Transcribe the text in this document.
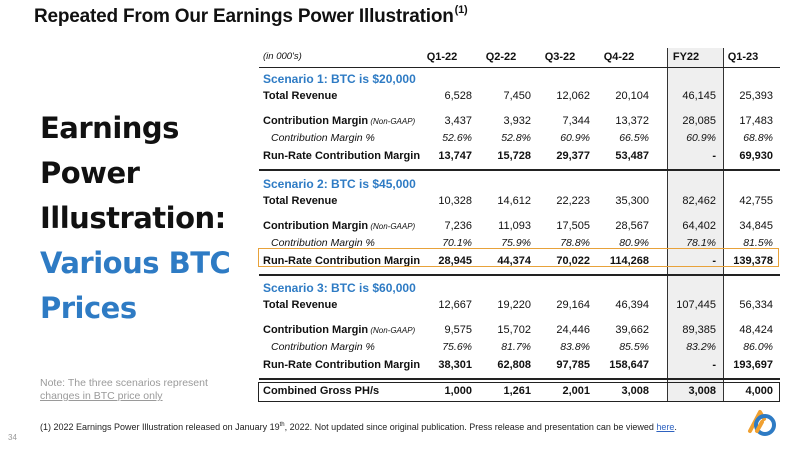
Repeated From Our Earnings Power Illustration$^{(1)}$
Earnings
Power
Illustration:
Various BTC
Prices
Note: The three scenarios represent
changes in BTC price only
(in 000's)	Q1-22	Q2-22	Q3-22	Q4-22	FY22	Q1-23
Scenario 1: BTC is $20,000
Total Revenue	6,528	7,450	12,062	20,104	46,145	25,393
Contribution Margin (Non-GAAP)	3,437	3,932	7,344	13,372	28,085	17,483
Contribution Margin %	52.6%	52.8%	60.9%	66.5%	60.9%	68.8%
Run-Rate Contribution Margin	13,747	15,728	29,377	53,487	-	69,930
Scenario 2: BTC is $45,000
Total Revenue	10,328	14,612	22,223	35,300	82,462	42,755
Contribution Margin (Non-GAAP)	7,236	11,093	17,505	28,567	64,402	34,845
Contribution Margin %	70.1%	75.9%	78.8%	80.9%	78.1%	81.5%
Run-Rate Contribution Margin	28,945	44,374	70,022	114,268	-	139,378
Scenario 3: BTC is $60,000
Total Revenue	12,667	19,220	29,164	46,394	107,445	56,334
Contribution Margin (Non-GAAP)	9,575	15,702	24,446	39,662	89,385	48,424
Contribution Margin %	75.6%	81.7%	83.8%	85.5%	83.2%	86.0%
Run-Rate Contribution Margin	38,301	62,808	97,785	158,647	-	193,697
Combined Gross PH/s	1,000	1,261	2,001	3,008	3,008	4,000
(1) 2022 Earnings Power Illustration released on January 19th, 2022. Not updated since original publication. Press release and presentation can be viewed here.
34
